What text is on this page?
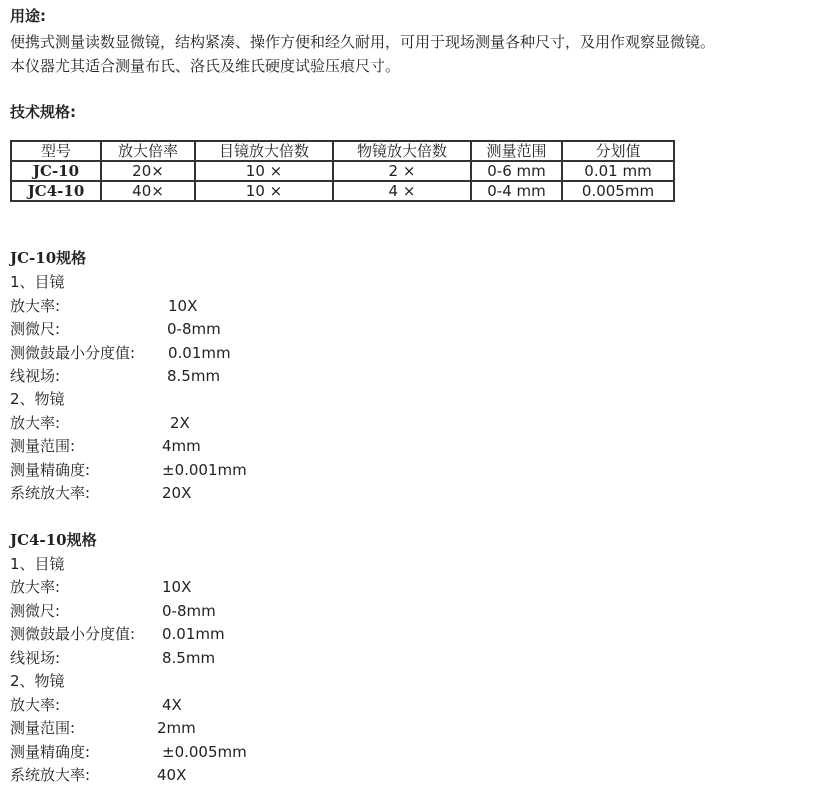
用途:
便携式测量读数显微镜，结构紧凑、操作方便和经久耐用，可用于现场测量各种尺寸，及用作观察显微镜。
本仪器尤其适合测量布氏、洛氏及维氏硬度试验压痕尺寸。
技术规格:
型号	放大倍率	目镜放大倍数	物镜放大倍数	测量范围	分划值
JC-10	20×	10 ×	2 ×	0-6 mm	0.01 mm
JC4-10	40×	10 ×	4 ×	0-4 mm	0.005mm
JC-10规格
1、目镜
放大率:	10X
测微尺:	0-8mm
测微鼓最小分度值: 0.01mm
线视场:	8.5mm
2、物镜
放大率:	2X
测量范围:	4mm
测量精确度:	±0.001mm
系统放大率:	20X
JC4-10规格
1、目镜
放大率:	10X
测微尺:	0-8mm
测微鼓最小分度值: 0.01mm
线视场:	8.5mm
2、物镜
放大率:	4X
测量范围:	2mm
测量精确度:	±0.005mm
系统放大率:	40X
